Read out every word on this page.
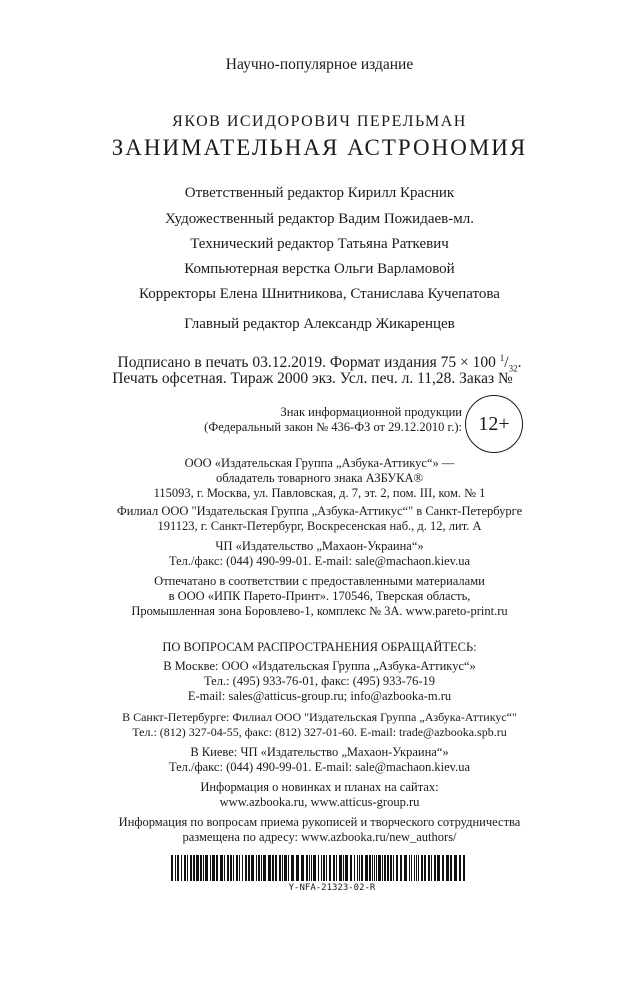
Научно-популярное издание
ЯКОВ ИСИДОРОВИЧ ПЕРЕЛЬМАН
ЗАНИМАТЕЛЬНАЯ АСТРОНОМИЯ
Ответственный редактор Кирилл Красник
Художественный редактор Вадим Пожидаев-мл.
Технический редактор Татьяна Раткевич
Компьютерная верстка Ольги Варламовой
Корректоры Елена Шнитникова, Станислава Кучепатова
Главный редактор Александр Жикаренцев
Подписано в печать 03.12.2019. Формат издания 75 × 100 $^1/_{32}$.
Печать офсетная. Тираж 2000 экз. Усл. печ. л. 11,28. Заказ №
Знак информационной продукции
(Федеральный закон № 436-ФЗ от 29.12.2010 г.): 12+
ООО «Издательская Группа „Азбука-Аттикус“» —
обладатель товарного знака АЗБУКА®
115093, г. Москва, ул. Павловская, д. 7, эт. 2, пом. III, ком. № 1
Филиал ООО "Издательская Группа „Азбука-Аттикус“" в Санкт-Петербурге
191123, г. Санкт-Петербург, Воскресенская наб., д. 12, лит. А
ЧП «Издательство „Махаон-Украина“»
Тел./факс: (044) 490-99-01. E-mail: sale@machaon.kiev.ua
Отпечатано в соответствии с предоставленными материалами
в ООО «ИПК Парето-Принт». 170546, Тверская область,
Промышленная зона Боровлево-1, комплекс № 3А. www.pareto-print.ru
ПО ВОПРОСАМ РАСПРОСТРАНЕНИЯ ОБРАЩАЙТЕСЬ:
В Москве: ООО «Издательская Группа „Азбука-Аттикус“»
Тел.: (495) 933-76-01, факс: (495) 933-76-19
E-mail: sales@atticus-group.ru; info@azbooka-m.ru
В Санкт-Петербурге: Филиал ООО "Издательская Группа „Азбука-Аттикус“"
Тел.: (812) 327-04-55, факс: (812) 327-01-60. E-mail: trade@azbooka.spb.ru
В Киеве: ЧП «Издательство „Махаон-Украина“»
Тел./факс: (044) 490-99-01. E-mail: sale@machaon.kiev.ua
Информация о новинках и планах на сайтах:
www.azbooka.ru, www.atticus-group.ru
Информация по вопросам приема рукописей и творческого сотрудничества
размещена по адресу: www.azbooka.ru/new_authors/
Y-NFA-21323-02-R
